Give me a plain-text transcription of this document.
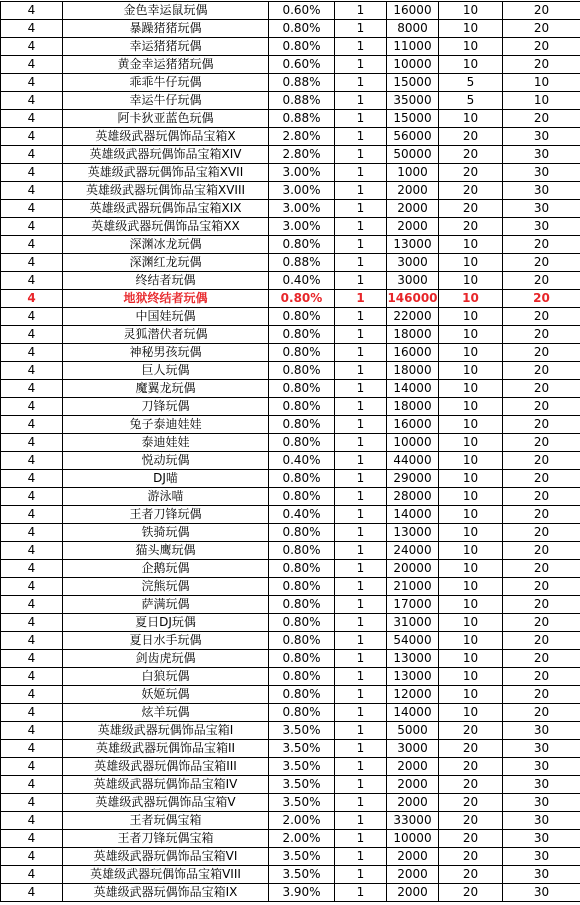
4	金色幸运鼠玩偶	0.60%	1	16000	10	20
4	暴躁猪猪玩偶	0.80%	1	8000	10	20
4	幸运猪猪玩偶	0.80%	1	11000	10	20
4	黄金幸运猪猪玩偶	0.60%	1	10000	10	20
4	乖乖牛仔玩偶	0.88%	1	15000	5	10
4	幸运牛仔玩偶	0.88%	1	35000	5	10
4	阿卡狄亚蓝色玩偶	0.88%	1	15000	10	20
4	英雄级武器玩偶饰品宝箱X	2.80%	1	56000	20	30
4	英雄级武器玩偶饰品宝箱XIV	2.80%	1	50000	20	30
4	英雄级武器玩偶饰品宝箱XVII	3.00%	1	1000	20	30
4	英雄级武器玩偶饰品宝箱XVIII	3.00%	1	2000	20	30
4	英雄级武器玩偶饰品宝箱XIX	3.00%	1	2000	20	30
4	英雄级武器玩偶饰品宝箱XX	3.00%	1	2000	20	30
4	深渊冰龙玩偶	0.80%	1	13000	10	20
4	深渊红龙玩偶	0.88%	1	3000	10	20
4	终结者玩偶	0.40%	1	3000	10	20
4	地狱终结者玩偶	0.80%	1	146000	10	20
4	中国娃玩偶	0.80%	1	22000	10	20
4	灵狐潜伏者玩偶	0.80%	1	18000	10	20
4	神秘男孩玩偶	0.80%	1	16000	10	20
4	巨人玩偶	0.80%	1	18000	10	20
4	魔翼龙玩偶	0.80%	1	14000	10	20
4	刀锋玩偶	0.80%	1	18000	10	20
4	兔子泰迪娃娃	0.80%	1	16000	10	20
4	泰迪娃娃	0.80%	1	10000	10	20
4	悦动玩偶	0.40%	1	44000	10	20
4	DJ喵	0.80%	1	29000	10	20
4	游泳喵	0.80%	1	28000	10	20
4	王者刀锋玩偶	0.40%	1	14000	10	20
4	铁骑玩偶	0.80%	1	13000	10	20
4	猫头鹰玩偶	0.80%	1	24000	10	20
4	企鹅玩偶	0.80%	1	20000	10	20
4	浣熊玩偶	0.80%	1	21000	10	20
4	萨满玩偶	0.80%	1	17000	10	20
4	夏日DJ玩偶	0.80%	1	31000	10	20
4	夏日水手玩偶	0.80%	1	54000	10	20
4	剑齿虎玩偶	0.80%	1	13000	10	20
4	白狼玩偶	0.80%	1	13000	10	20
4	妖姬玩偶	0.80%	1	12000	10	20
4	炫羊玩偶	0.80%	1	14000	10	20
4	英雄级武器玩偶饰品宝箱I	3.50%	1	5000	20	30
4	英雄级武器玩偶饰品宝箱II	3.50%	1	3000	20	30
4	英雄级武器玩偶饰品宝箱III	3.50%	1	2000	20	30
4	英雄级武器玩偶饰品宝箱IV	3.50%	1	2000	20	30
4	英雄级武器玩偶饰品宝箱V	3.50%	1	2000	20	30
4	王者玩偶宝箱	2.00%	1	33000	20	30
4	王者刀锋玩偶宝箱	2.00%	1	10000	20	30
4	英雄级武器玩偶饰品宝箱VI	3.50%	1	2000	20	30
4	英雄级武器玩偶饰品宝箱VIII	3.50%	1	2000	20	30
4	英雄级武器玩偶饰品宝箱IX	3.90%	1	2000	20	30
